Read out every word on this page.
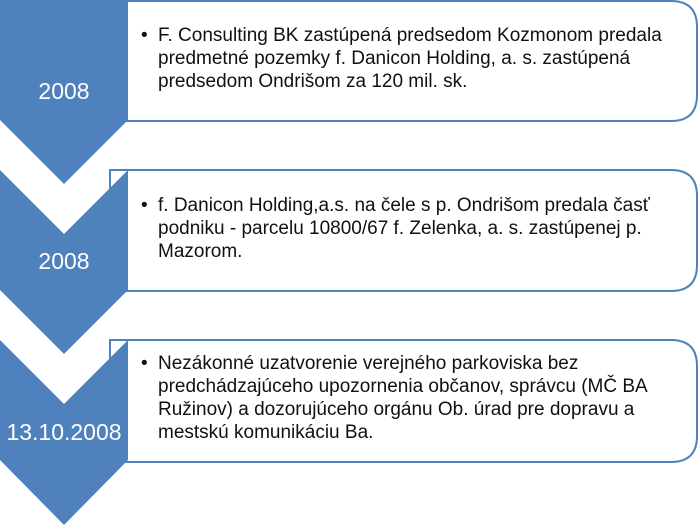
2008
2008
13.10.2008
• F. Consulting BK zastúpená predsedom Kozmonom predala predmetné pozemky f. Danicon Holding, a. s. zastúpená predsedom Ondrišom za 120 mil. sk.
• f. Danicon Holding,a.s. na čele s p. Ondrišom predala časť podniku - parcelu 10800/67 f. Zelenka, a. s. zastúpenej p. Mazorom.
• Nezákonné uzatvorenie verejného parkoviska bez predchádzajúceho upozornenia občanov, správcu (MČ BA Ružinov) a dozorujúceho orgánu Ob. úrad pre dopravu a mestskú komunikáciu Ba.
